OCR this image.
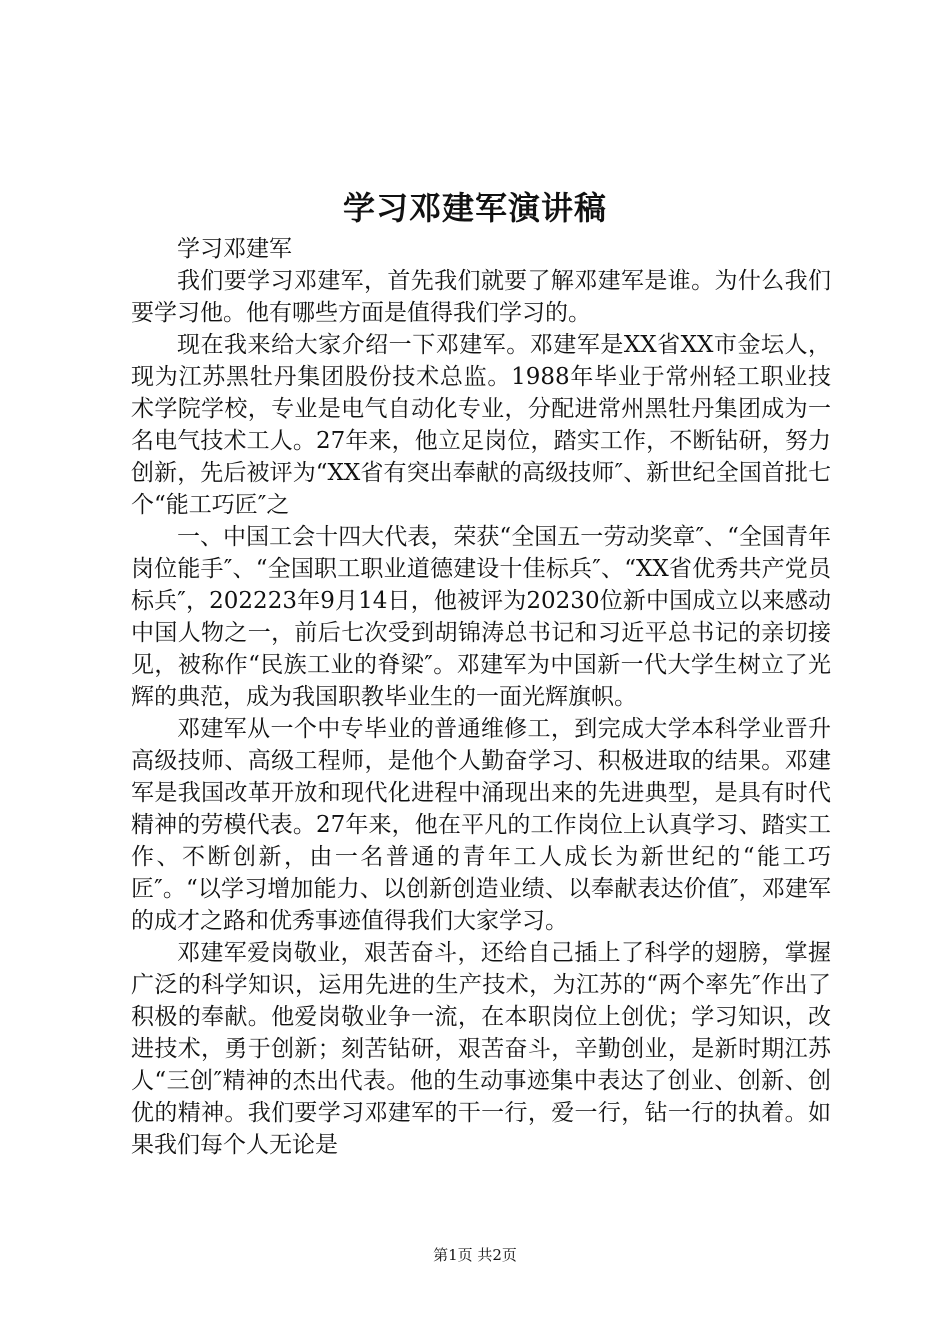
学习邓建军演讲稿

学习邓建军

我们要学习邓建军，首先我们就要了解邓建军是谁。为什么我们要学习他。他有哪些方面是值得我们学习的。

现在我来给大家介绍一下邓建军。邓建军是XX省XX市金坛人，现为江苏黑牡丹集团股份技术总监。1988年毕业于常州轻工职业技术学院学校，专业是电气自动化专业，分配进常州黑牡丹集团成为一名电气技术工人。27年来，他立足岗位，踏实工作，不断钻研，努力创新，先后被评为“XX省有突出奉献的高级技师″、新世纪全国首批七个“能工巧匠″之

一、中国工会十四大代表，荣获“全国五一劳动奖章″、“全国青年岗位能手″、“全国职工职业道德建设十佳标兵″、“XX省优秀共产党员标兵″，202223年9月14日，他被评为20230位新中国成立以来感动中国人物之一，前后七次受到胡锦涛总书记和习近平总书记的亲切接见，被称作“民族工业的脊梁″。邓建军为中国新一代大学生树立了光辉的典范，成为我国职教毕业生的一面光辉旗帜。

邓建军从一个中专毕业的普通维修工，到完成大学本科学业晋升高级技师、高级工程师，是他个人勤奋学习、积极进取的结果。邓建军是我国改革开放和现代化进程中涌现出来的先进典型，是具有时代精神的劳模代表。27年来，他在平凡的工作岗位上认真学习、踏实工作、不断创新，由一名普通的青年工人成长为新世纪的“能工巧匠″。“以学习增加能力、以创新创造业绩、以奉献表达价值″，邓建军的成才之路和优秀事迹值得我们大家学习。

邓建军爱岗敬业，艰苦奋斗，还给自己插上了科学的翅膀，掌握广泛的科学知识，运用先进的生产技术，为江苏的“两个率先″作出了积极的奉献。他爱岗敬业争一流，在本职岗位上创优；学习知识，改进技术，勇于创新；刻苦钻研，艰苦奋斗，辛勤创业，是新时期江苏人“三创″精神的杰出代表。他的生动事迹集中表达了创业、创新、创优的精神。我们要学习邓建军的干一行，爱一行，钻一行的执着。如果我们每个人无论是

第1页 共2页
